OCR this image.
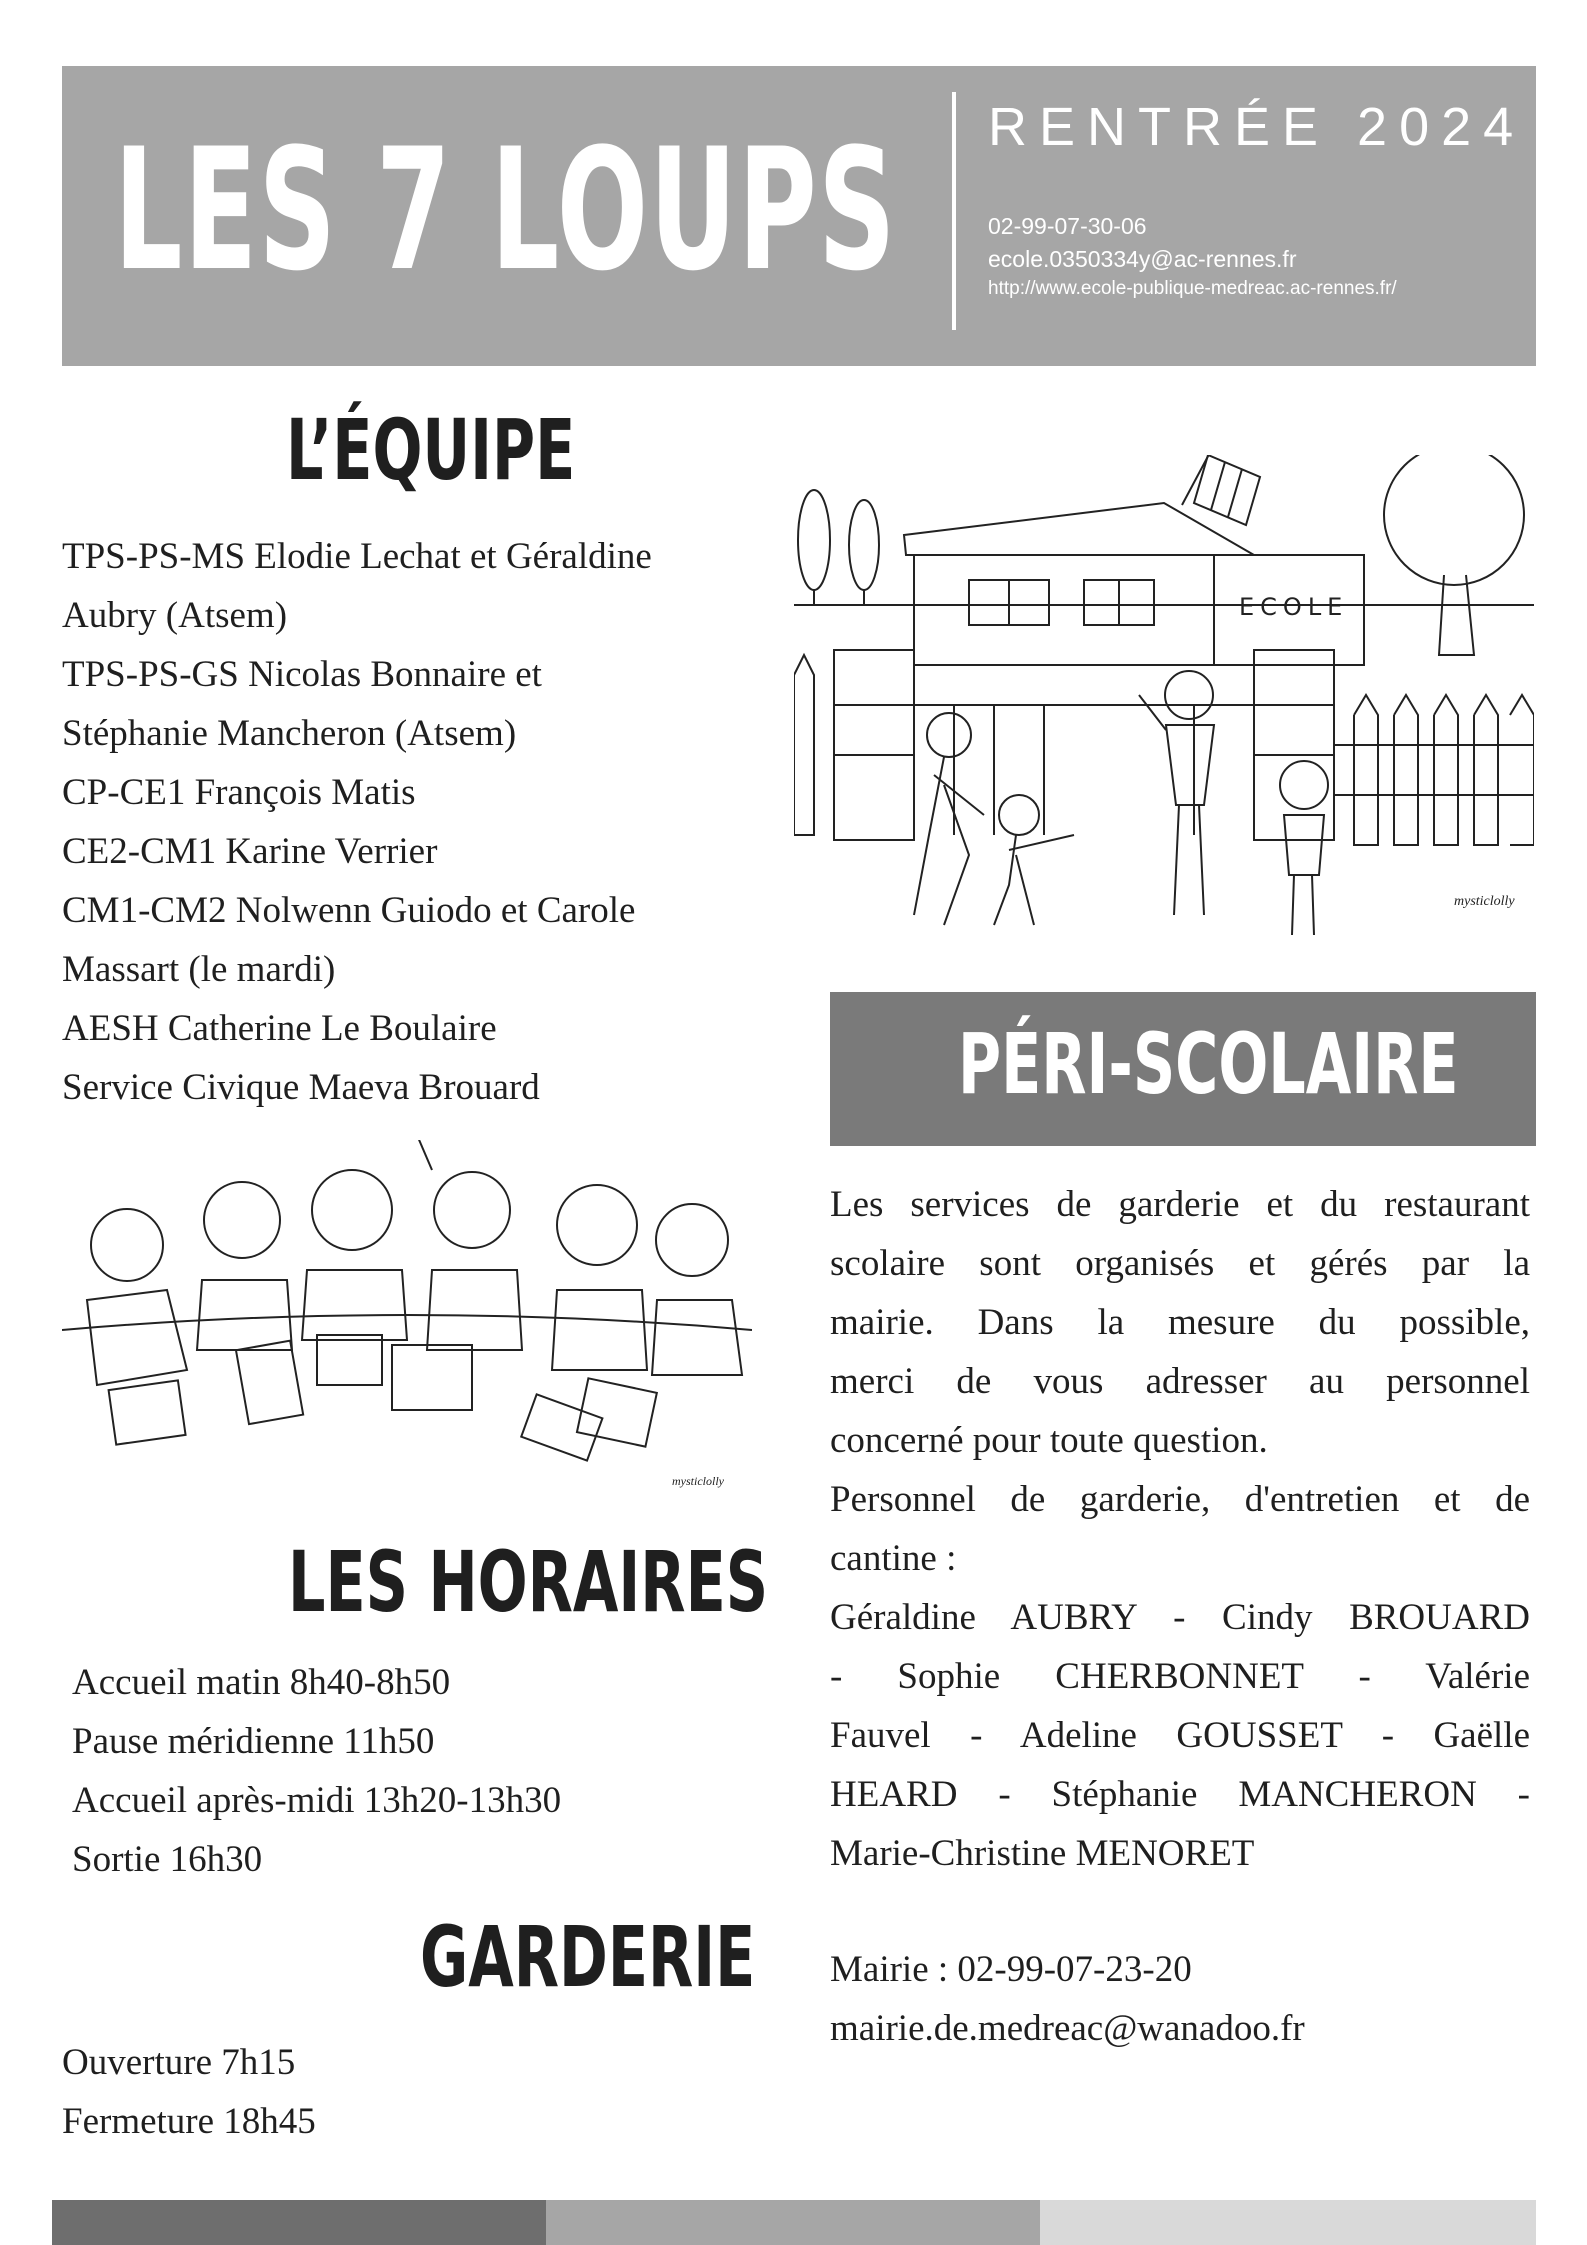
LES 7 LOUPS RENTRÉE 2024
02-99-07-30-06
ecole.0350334y@ac-rennes.fr
http://www.ecole-publique-medreac.ac-rennes.fr/
L’ÉQUIPE
TPS-PS-MS Elodie Lechat et Géraldine
Aubry (Atsem)
TPS-PS-GS Nicolas Bonnaire et
Stéphanie Mancheron (Atsem)
CP-CE1 François Matis
CE2-CM1 Karine Verrier
CM1-CM2 Nolwenn Guiodo et Carole
Massart (le mardi)
AESH Catherine Le Boulaire
Service Civique Maeva Brouard
ECOLE
mysticlolly
mysticlolly
PÉRI-SCOLAIRE
Les services de garderie et du restaurant
scolaire sont organisés et gérés par la
mairie. Dans la mesure du possible,
merci de vous adresser au personnel
concerné pour toute question.
Personnel de garderie, d'entretien et de
cantine :
Géraldine AUBRY - Cindy BROUARD
- Sophie CHERBONNET - Valérie
Fauvel - Adeline GOUSSET - Gaëlle
HEARD - Stéphanie MANCHERON -
Marie-Christine MENORET
LES HORAIRES
Accueil matin 8h40-8h50
Pause méridienne 11h50
Accueil après-midi 13h20-13h30
Sortie 16h30
GARDERIE
Ouverture 7h15
Fermeture 18h45
Mairie : 02-99-07-23-20
mairie.de.medreac@wanadoo.fr
